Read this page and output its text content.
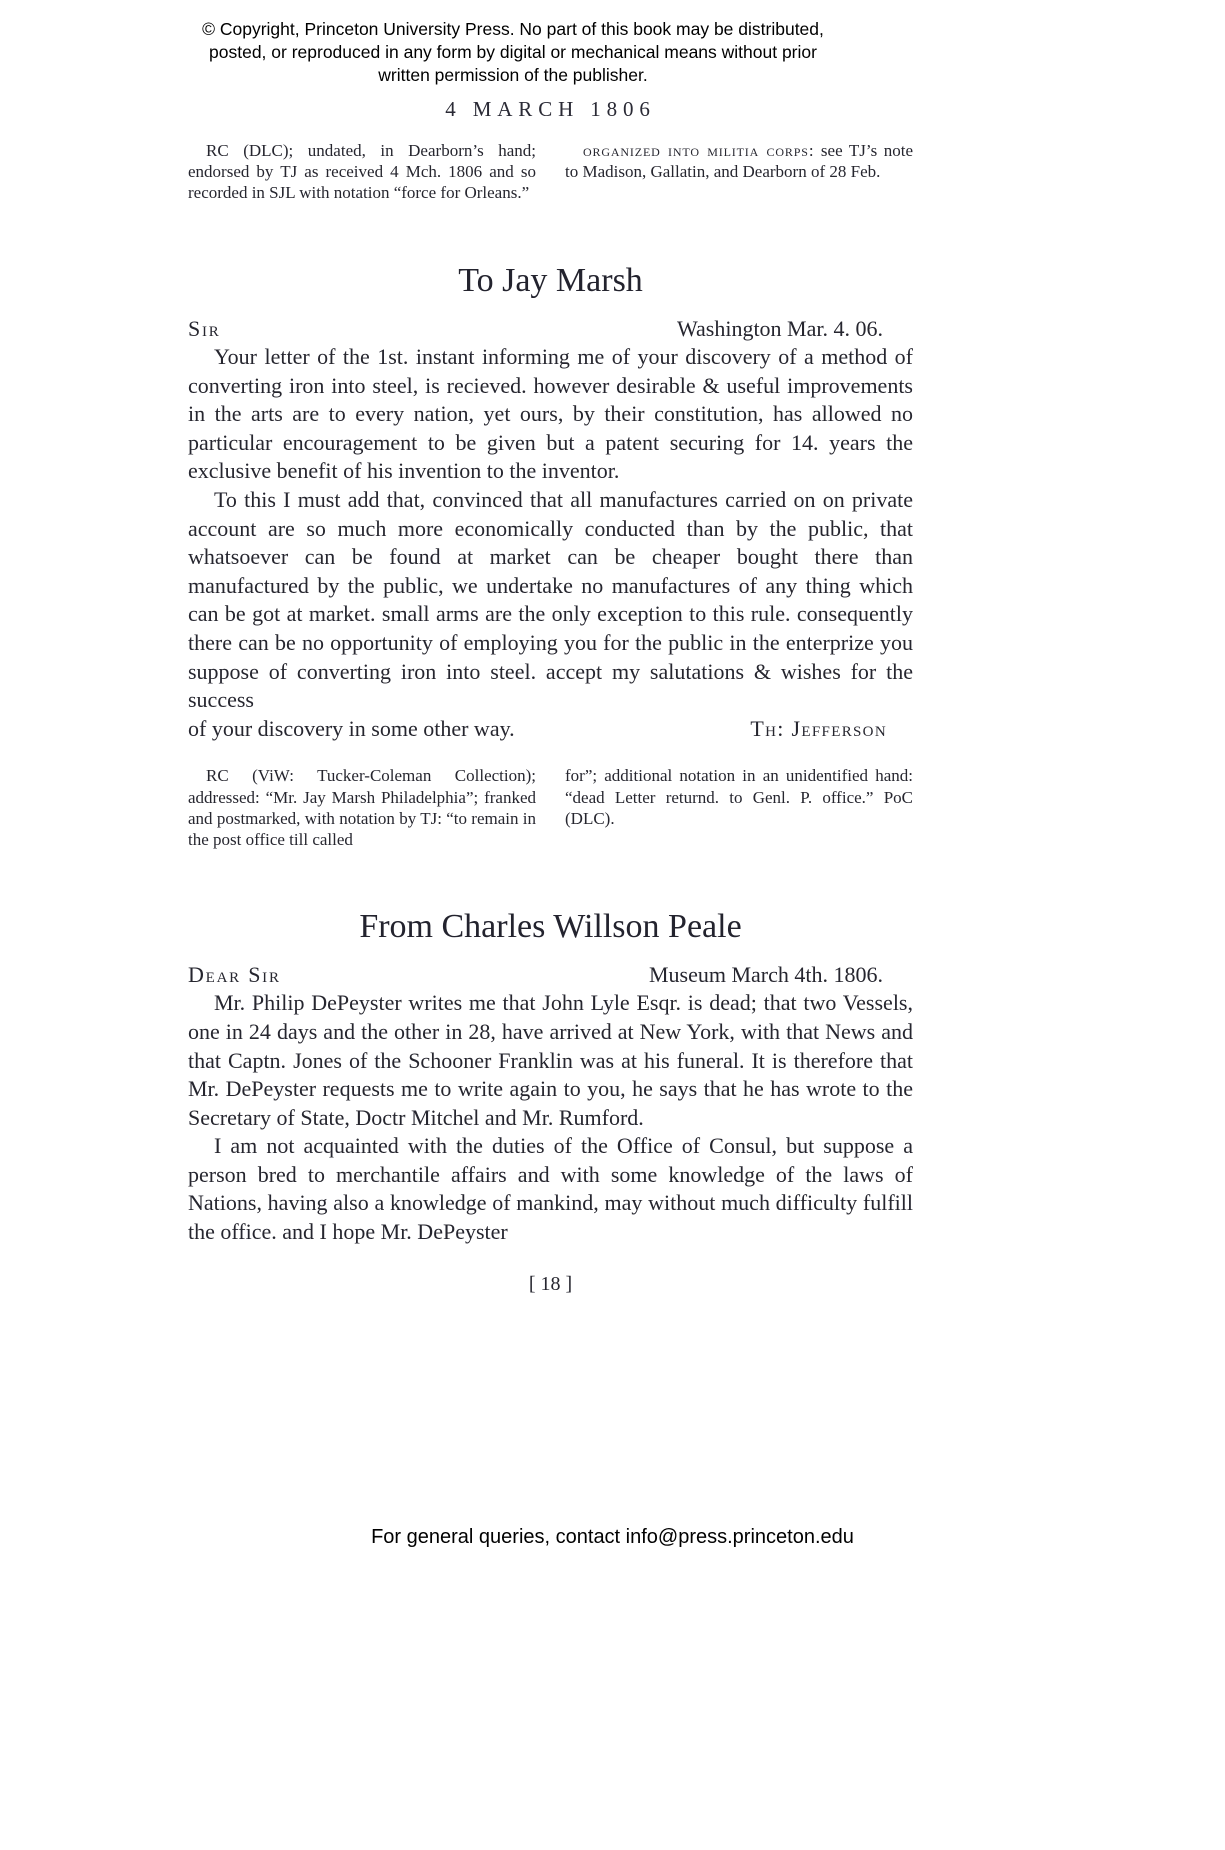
© Copyright, Princeton University Press. No part of this book may be distributed, posted, or reproduced in any form by digital or mechanical means without prior written permission of the publisher.
4 MARCH 1806
RC (DLC); undated, in Dearborn’s hand; endorsed by TJ as received 4 Mch. 1806 and so recorded in SJL with notation “force for Orleans.”
organized into militia corps: see TJ’s note to Madison, Gallatin, and Dearborn of 28 Feb.
To Jay Marsh
Sir	Washington Mar. 4. 06.

Your letter of the 1st. instant informing me of your discovery of a method of converting iron into steel, is recieved. however desirable & useful improvements in the arts are to every nation, yet ours, by their constitution, has allowed no particular encouragement to be given but a patent securing for 14. years the exclusive benefit of his invention to the inventor.

To this I must add that, convinced that all manufactures carried on on private account are so much more economically conducted than by the public, that whatsoever can be found at market can be cheaper bought there than manufactured by the public, we undertake no manufactures of any thing which can be got at market. small arms are the only exception to this rule. consequently there can be no opportunity of employing you for the public in the enterprize you suppose of converting iron into steel. accept my salutations & wishes for the success

of your discovery in some other way.	Th: Jefferson
RC (ViW: Tucker-Coleman Collection); addressed: “Mr. Jay Marsh Philadelphia”; franked and postmarked, with notation by TJ: “to remain in the post office till called
for”; additional notation in an unidentified hand: “dead Letter returnd. to Genl. P. office.” PoC (DLC).
From Charles Willson Peale
Dear Sir	Museum March 4th. 1806.

Mr. Philip DePeyster writes me that John Lyle Esqr. is dead; that two Vessels, one in 24 days and the other in 28, have arrived at New York, with that News and that Captn. Jones of the Schooner Franklin was at his funeral. It is therefore that Mr. DePeyster requests me to write again to you, he says that he has wrote to the Secretary of State, Doctr Mitchel and Mr. Rumford.

I am not acquainted with the duties of the Office of Consul, but suppose a person bred to merchantile affairs and with some knowledge of the laws of Nations, having also a knowledge of mankind, may without much difficulty fulfill the office. and I hope Mr. DePeyster

[ 18 ]
For general queries, contact info@press.princeton.edu
